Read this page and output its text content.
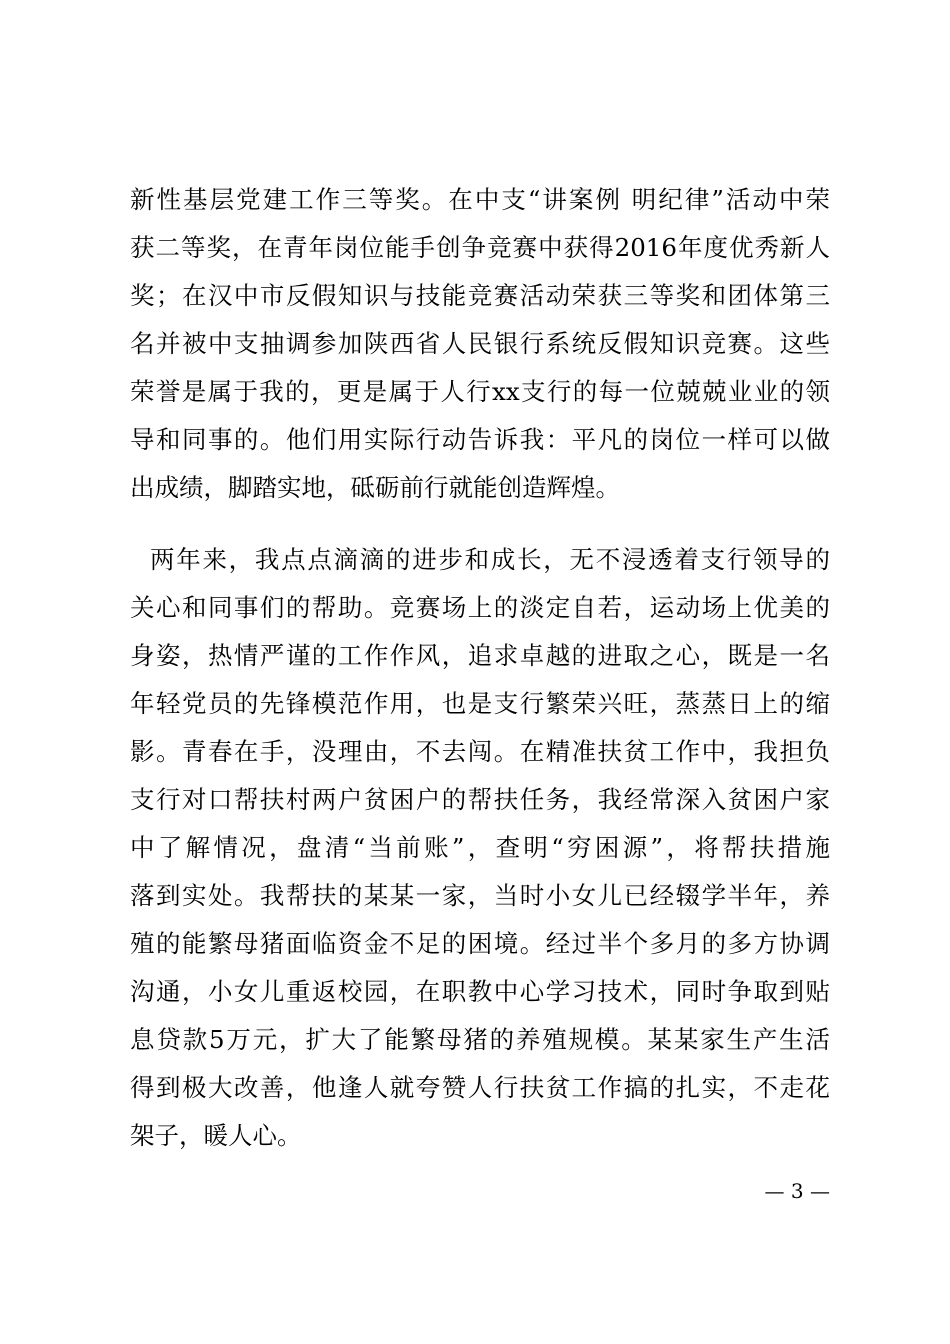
新性基层党建工作三等奖。在中支“讲案例 明纪律”活动中荣
获二等奖，在青年岗位能手创争竞赛中获得2016年度优秀新人
奖；在汉中市反假知识与技能竞赛活动荣获三等奖和团体第三
名并被中支抽调参加陕西省人民银行系统反假知识竞赛。这些
荣誉是属于我的，更是属于人行xx支行的每一位兢兢业业的领
导和同事的。他们用实际行动告诉我：平凡的岗位一样可以做
出成绩，脚踏实地，砥砺前行就能创造辉煌。
两年来，我点点滴滴的进步和成长，无不浸透着支行领导的
关心和同事们的帮助。竞赛场上的淡定自若，运动场上优美的
身姿，热情严谨的工作作风，追求卓越的进取之心，既是一名
年轻党员的先锋模范作用，也是支行繁荣兴旺，蒸蒸日上的缩
影。青春在手，没理由，不去闯。在精准扶贫工作中，我担负
支行对口帮扶村两户贫困户的帮扶任务，我经常深入贫困户家
中了解情况，盘清“当前账”，查明“穷困源”，将帮扶措施
落到实处。我帮扶的某某一家，当时小女儿已经辍学半年，养
殖的能繁母猪面临资金不足的困境。经过半个多月的多方协调
沟通，小女儿重返校园，在职教中心学习技术，同时争取到贴
息贷款5万元，扩大了能繁母猪的养殖规模。某某家生产生活
得到极大改善，他逢人就夸赞人行扶贫工作搞的扎实，不走花
架子，暖人心。
— 3 —
